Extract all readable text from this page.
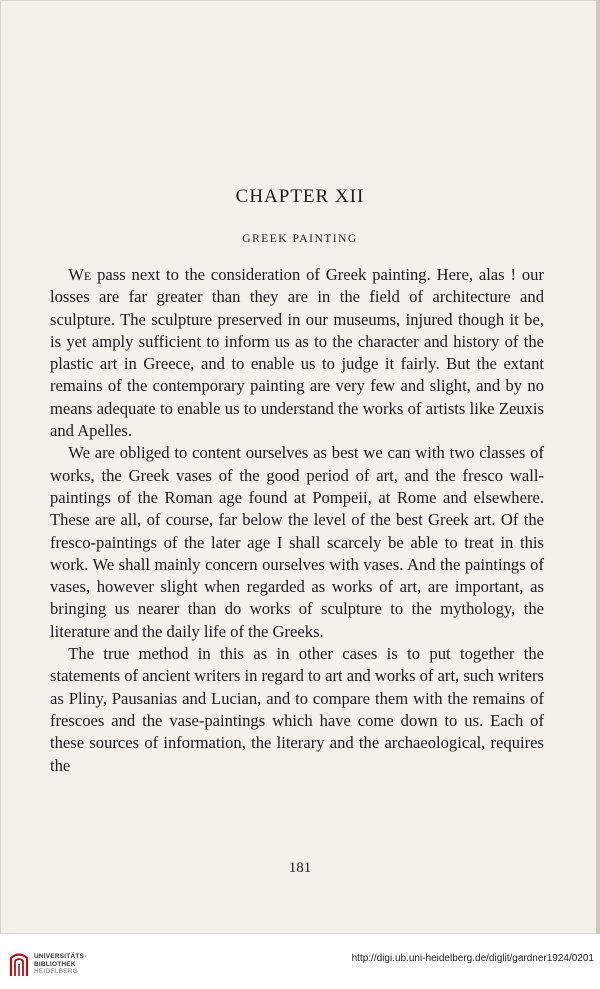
CHAPTER XII
GREEK PAINTING

We pass next to the consideration of Greek painting. Here, alas ! our losses are far greater than they are in the field of architecture and sculpture. The sculpture preserved in our museums, injured though it be, is yet amply sufficient to inform us as to the character and history of the plastic art in Greece, and to enable us to judge it fairly. But the extant remains of the contemporary painting are very few and slight, and by no means adequate to enable us to understand the works of artists like Zeuxis and Apelles.

We are obliged to content ourselves as best we can with two classes of works, the Greek vases of the good period of art, and the fresco wall-paintings of the Roman age found at Pompeii, at Rome and elsewhere. These are all, of course, far below the level of the best Greek art. Of the fresco-paintings of the later age I shall scarcely be able to treat in this work. We shall mainly concern ourselves with vases. And the paintings of vases, however slight when regarded as works of art, are important, as bringing us nearer than do works of sculpture to the mythology, the literature and the daily life of the Greeks.

The true method in this as in other cases is to put together the statements of ancient writers in regard to art and works of art, such writers as Pliny, Pausanias and Lucian, and to compare them with the remains of frescoes and the vase-paintings which have come down to us. Each of these sources of information, the literary and the archaeological, requires the

181
UNIVERSITÄTS-
BIBLIOTHEK
HEIDELBERG
http://digi.ub.uni-heidelberg.de/diglit/gardner1924/0201
